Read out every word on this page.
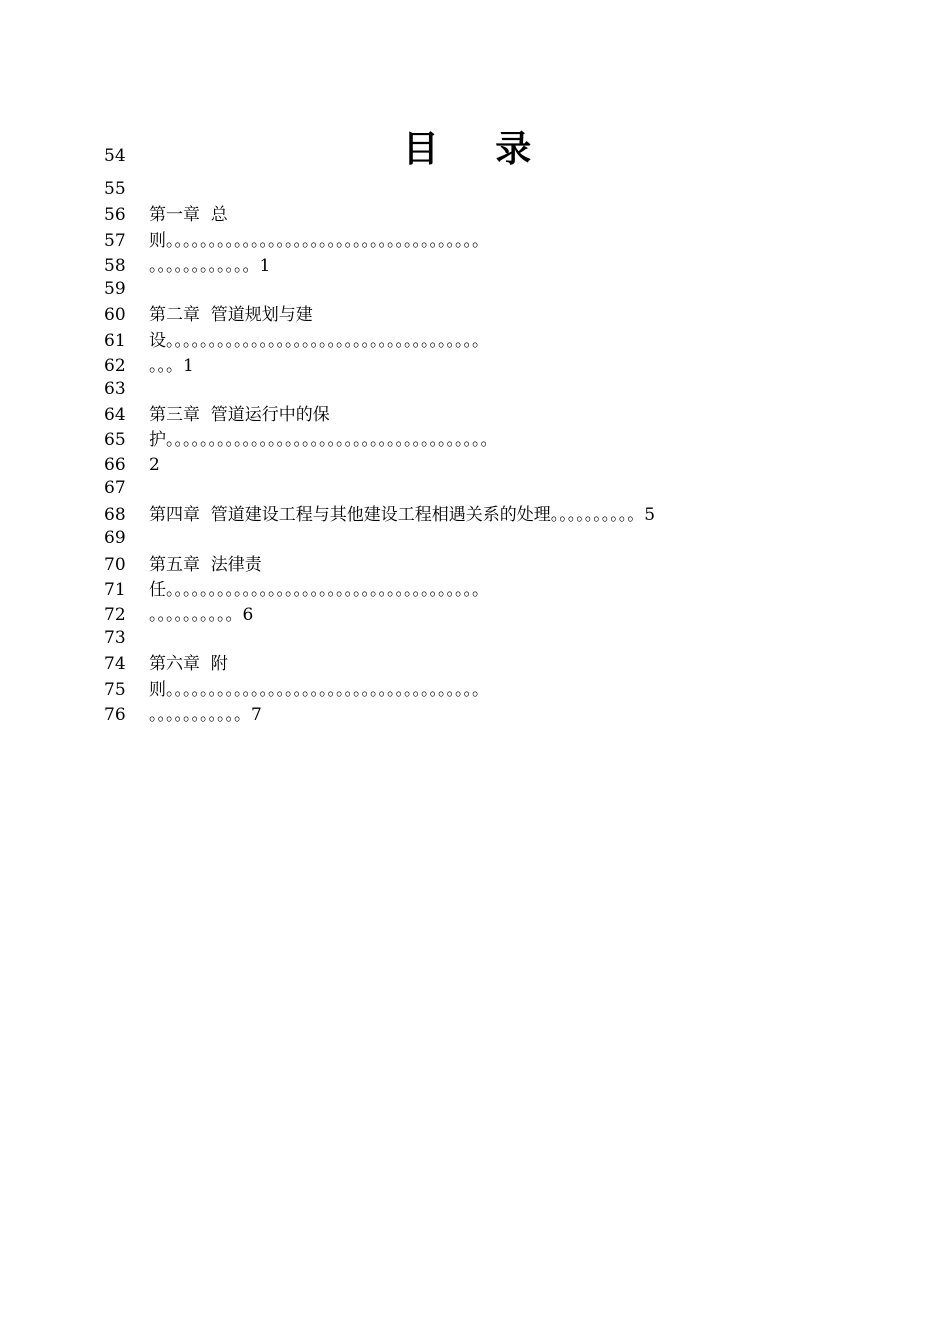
目 录
54
55
56	第一章  总
57	则。。。。。。。。。。。。。。。。。。。。。。。。。。。。。。。。。。。。。
58	。。。。。。。。。。。。1
59
60	第二章  管道规划与建
61	设。。。。。。。。。。。。。。。。。。。。。。。。。。。。。。。。。。。。。
62	。。。1
63
64	第三章  管道运行中的保
65	护。。。。。。。。。。。。。。。。。。。。。。。。。。。。。。。。。。。。。。
66	2
67
68	第四章  管道建设工程与其他建设工程相遇关系的处理。。。。。。。。。。5
69
70	第五章  法律责
71	任。。。。。。。。。。。。。。。。。。。。。。。。。。。。。。。。。。。。。
72	。。。。。。。。。。6
73
74	第六章  附
75	则。。。。。。。。。。。。。。。。。。。。。。。。。。。。。。。。。。。。。
76	。。。。。。。。。。。7
